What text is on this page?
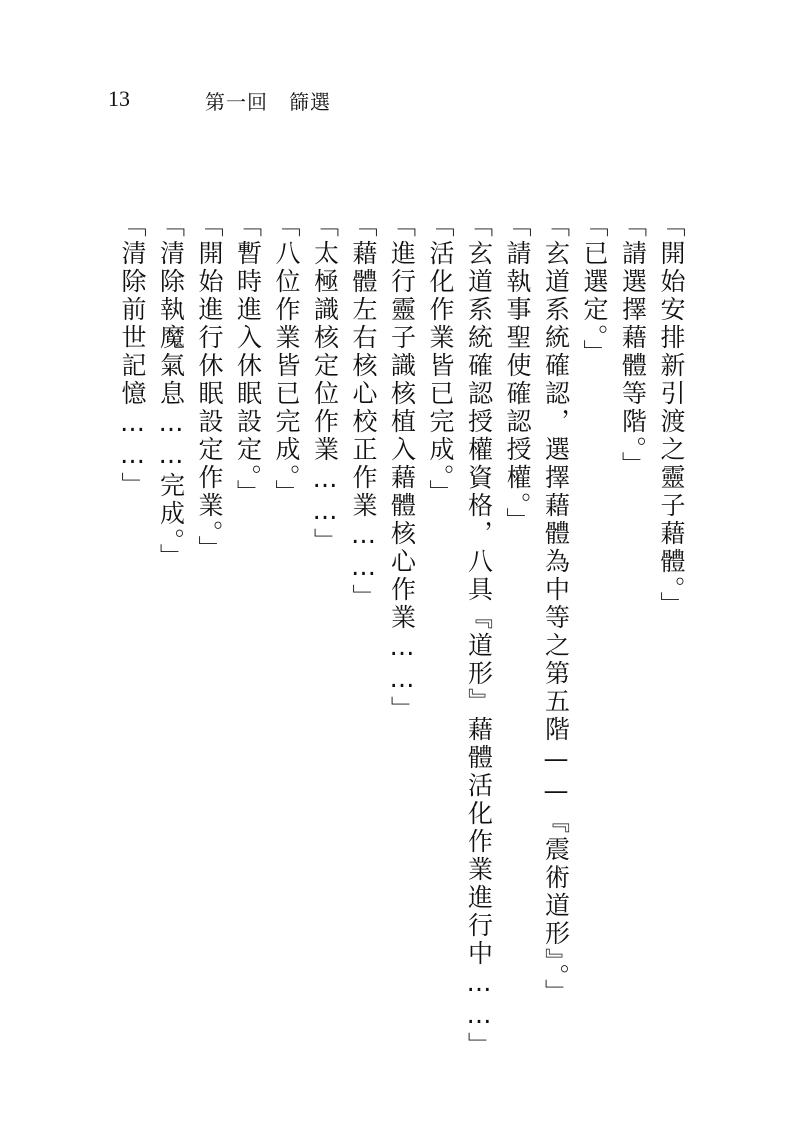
13	第一回　篩選
「開始安排新引渡之靈子藉體。」
「請選擇藉體等階。」
「已選定。」
「玄道系統確認，選擇藉體為中等之第五階——『震術道形』。」
「請執事聖使確認授權。」
「玄道系統確認授權資格，八具『道形』藉體活化作業進行中……」
「活化作業皆已完成。」
「進行靈子識核植入藉體核心作業……」
「藉體左右核心校正作業……」
「太極識核定位作業……」
「八位作業皆已完成。」
「暫時進入休眠設定。」
「開始進行休眠設定作業。」
「清除執魔氣息……完成。」
「清除前世記憶……」
